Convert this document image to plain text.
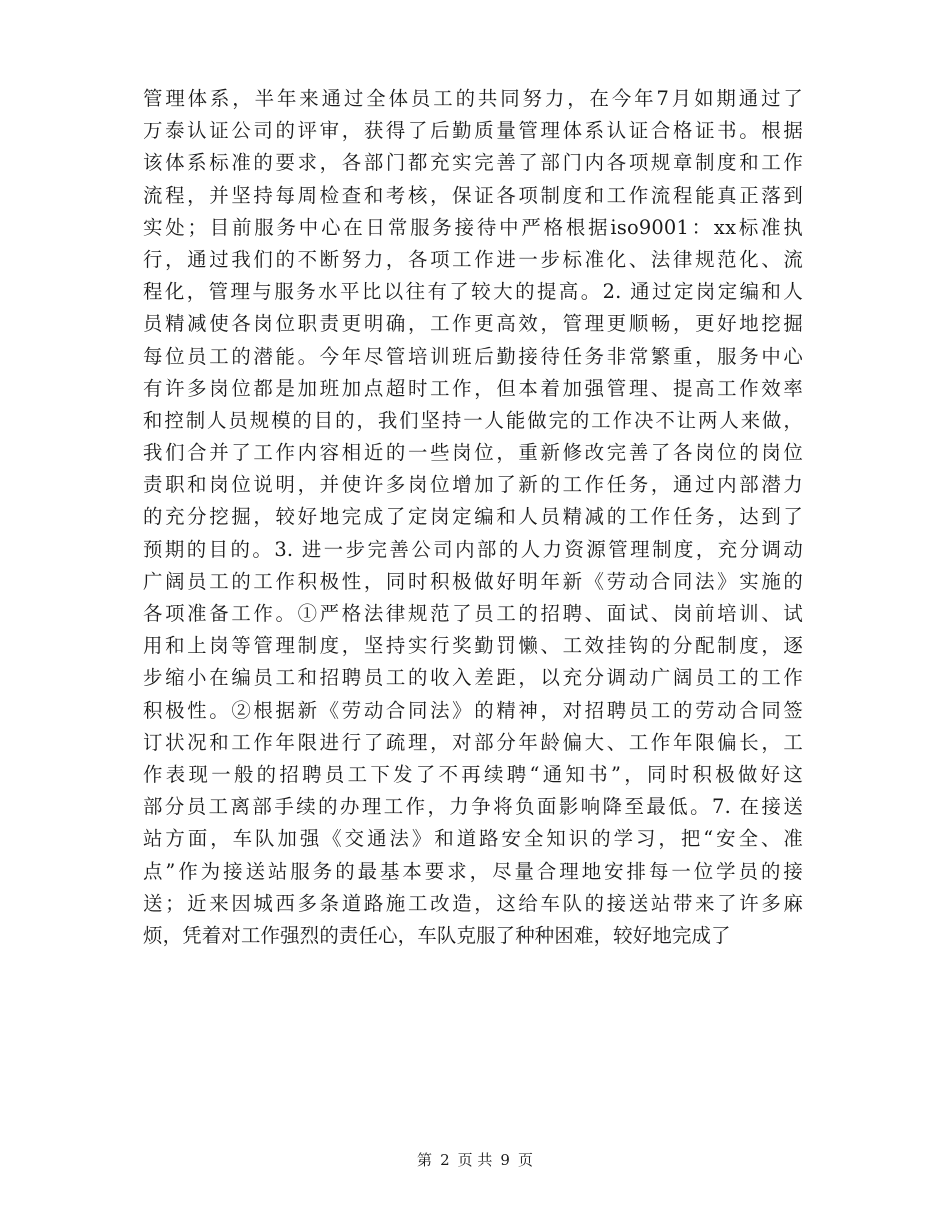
管理体系，半年来通过全体员工的共同努力，在今年7月如期通过了
万泰认证公司的评审，获得了后勤质量管理体系认证合格证书。根据
该体系标准的要求，各部门都充实完善了部门内各项规章制度和工作
流程，并坚持每周检查和考核，保证各项制度和工作流程能真正落到
实处；目前服务中心在日常服务接待中严格根据iso9001：xx标准执
行，通过我们的不断努力，各项工作进一步标准化、法律规范化、流
程化，管理与服务水平比以往有了较大的提高。2. 通过定岗定编和人
员精减使各岗位职责更明确，工作更高效，管理更顺畅，更好地挖掘
每位员工的潜能。今年尽管培训班后勤接待任务非常繁重，服务中心
有许多岗位都是加班加点超时工作，但本着加强管理、提高工作效率
和控制人员规模的目的，我们坚持一人能做完的工作决不让两人来做，
我们合并了工作内容相近的一些岗位，重新修改完善了各岗位的岗位
责职和岗位说明，并使许多岗位增加了新的工作任务，通过内部潜力
的充分挖掘，较好地完成了定岗定编和人员精减的工作任务，达到了
预期的目的。3. 进一步完善公司内部的人力资源管理制度，充分调动
广阔员工的工作积极性，同时积极做好明年新《劳动合同法》实施的
各项准备工作。①严格法律规范了员工的招聘、面试、岗前培训、试
用和上岗等管理制度，坚持实行奖勤罚懒、工效挂钩的分配制度，逐
步缩小在编员工和招聘员工的收入差距，以充分调动广阔员工的工作
积极性。②根据新《劳动合同法》的精神，对招聘员工的劳动合同签
订状况和工作年限进行了疏理，对部分年龄偏大、工作年限偏长，工
作表现一般的招聘员工下发了不再续聘“通知书”，同时积极做好这
部分员工离部手续的办理工作，力争将负面影响降至最低。7. 在接送
站方面，车队加强《交通法》和道路安全知识的学习，把“安全、准
点”作为接送站服务的最基本要求，尽量合理地安排每一位学员的接
送；近来因城西多条道路施工改造，这给车队的接送站带来了许多麻
烦，凭着对工作强烈的责任心，车队克服了种种困难，较好地完成了
第 2 页 共 9 页
